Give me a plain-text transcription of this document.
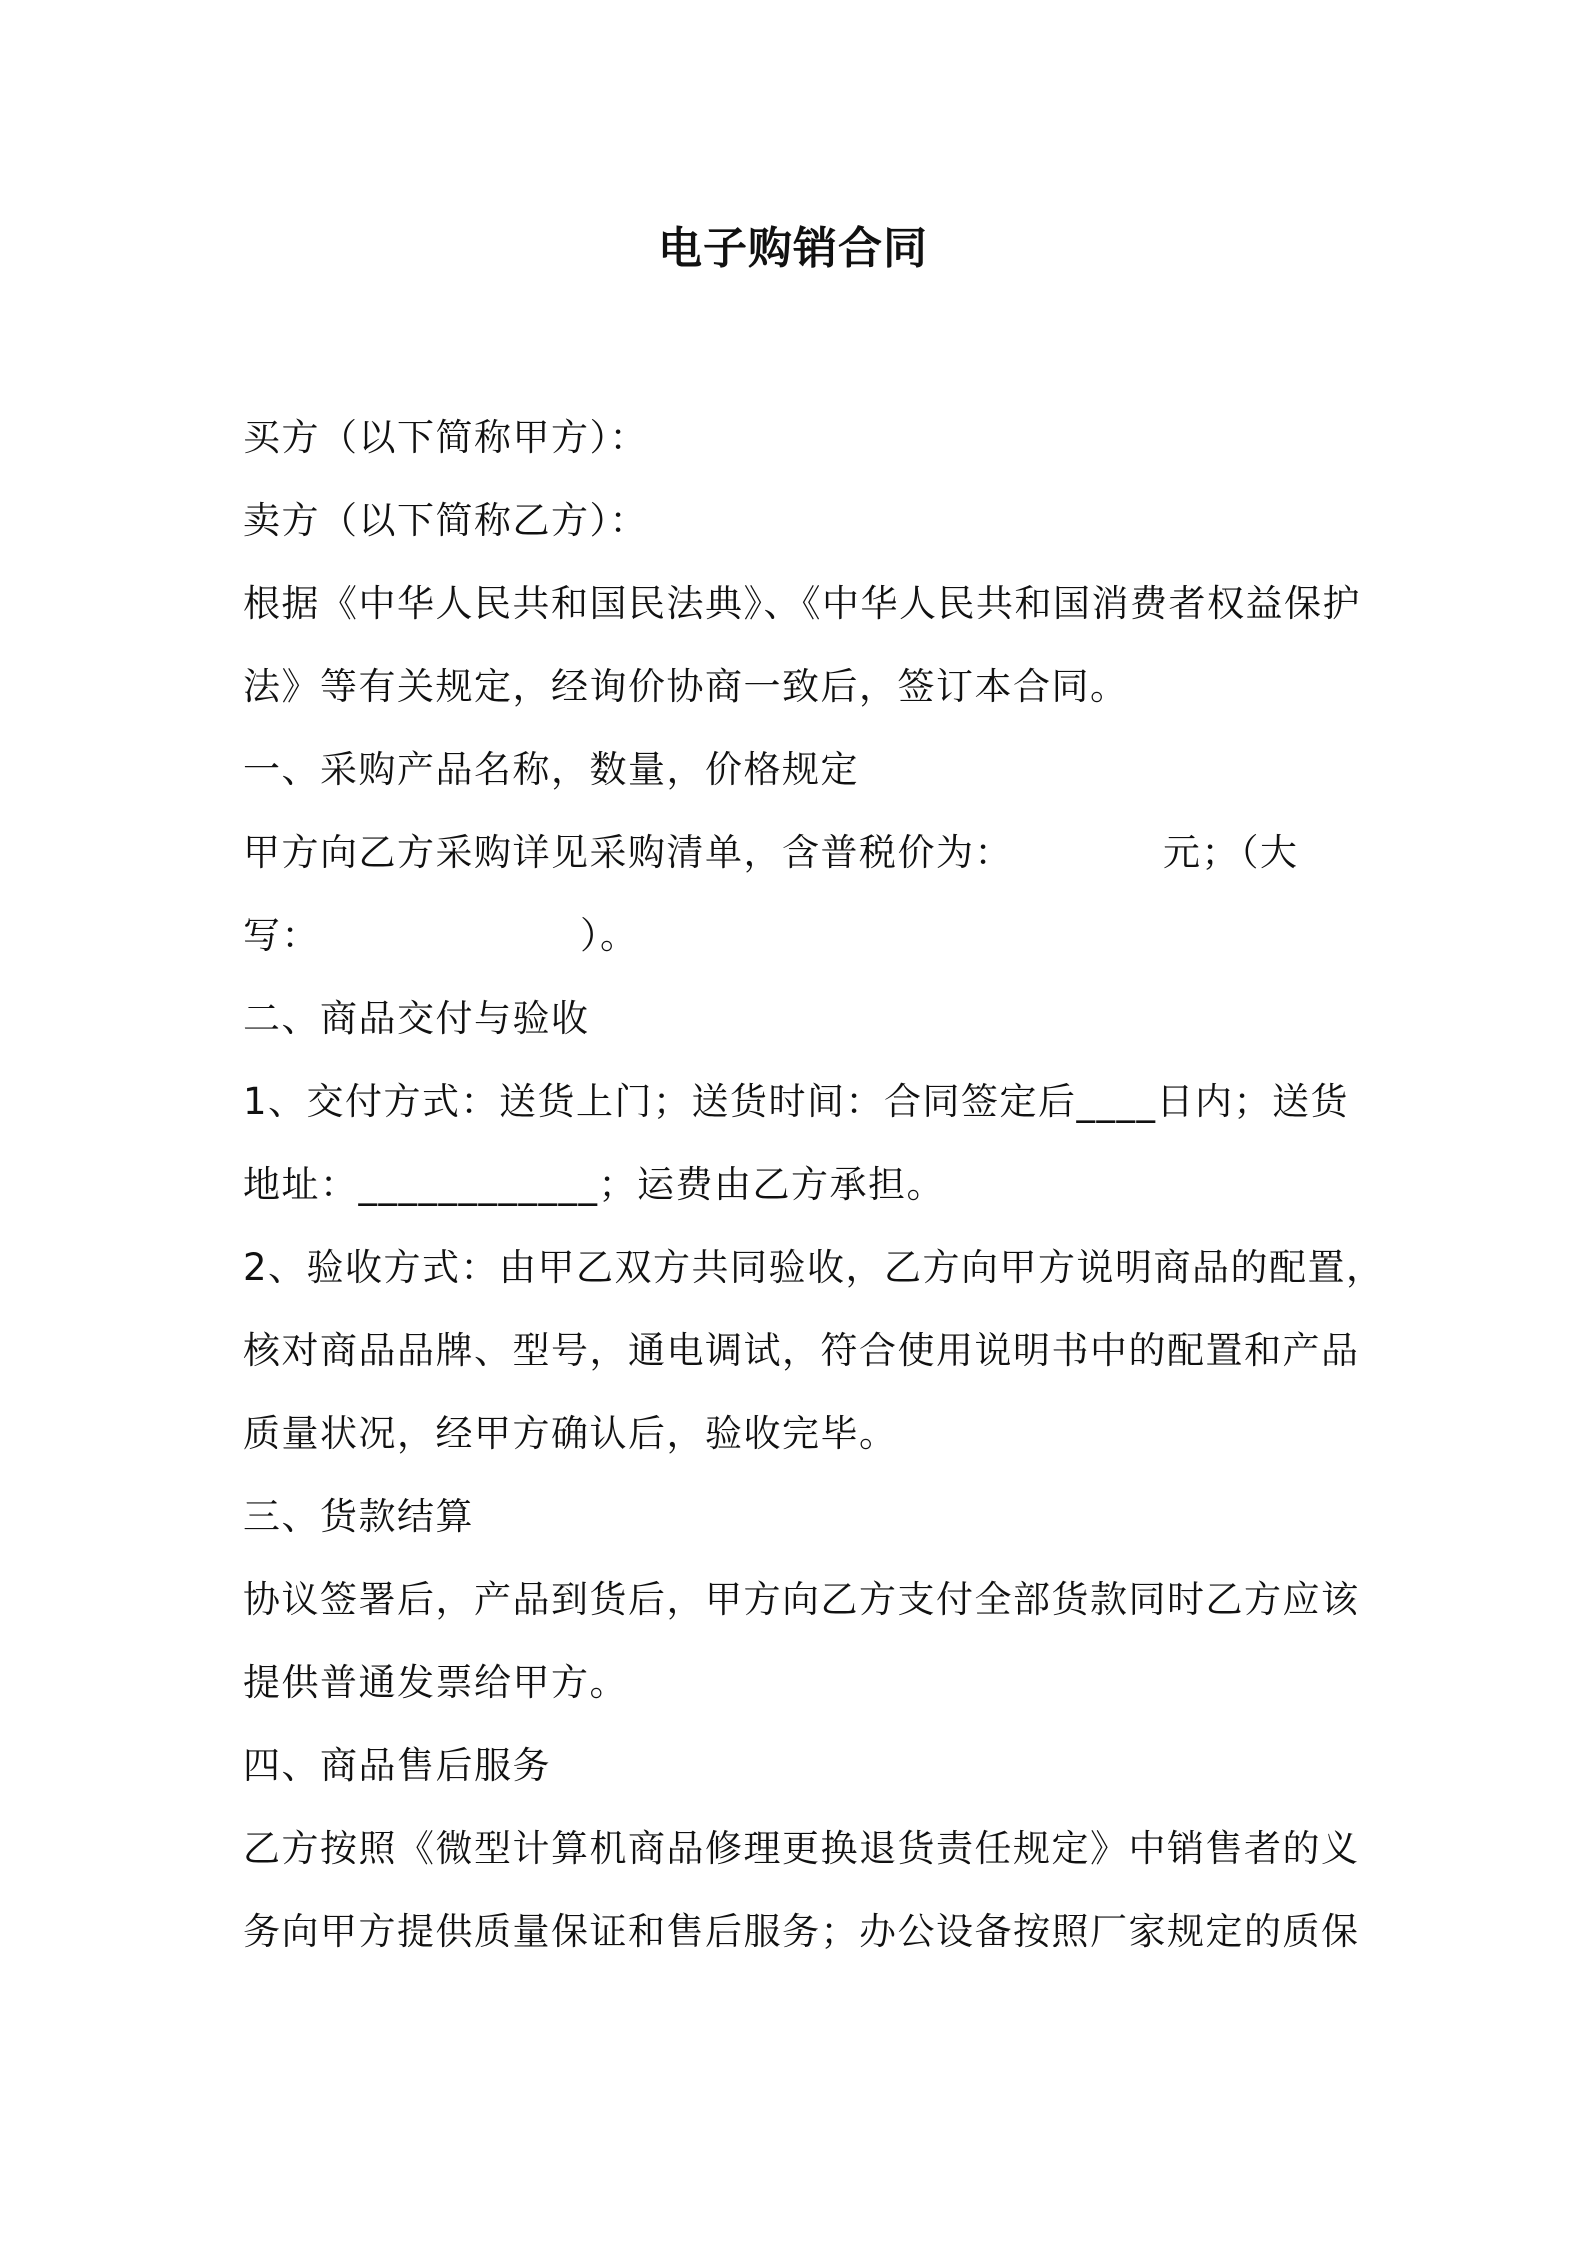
电子购销合同

买方（以下简称甲方）：

卖方（以下简称乙方）：

根据《中华人民共和国民法典》、《中华人民共和国消费者权益保护

法》等有关规定，经询价协商一致后，签订本合同。

一、采购产品名称，数量，价格规定

甲方向乙方采购详见采购清单，含普税价为：	元；（大

写：	）。

二、商品交付与验收

1、交付方式：送货上门；送货时间：合同签定后____日内；送货

地址：____________；运费由乙方承担。

2、验收方式：由甲乙双方共同验收，乙方向甲方说明商品的配置，

核对商品品牌、型号，通电调试，符合使用说明书中的配置和产品

质量状况，经甲方确认后，验收完毕。

三、货款结算

协议签署后，产品到货后，甲方向乙方支付全部货款同时乙方应该

提供普通发票给甲方。

四、商品售后服务

乙方按照《微型计算机商品修理更换退货责任规定》中销售者的义

务向甲方提供质量保证和售后服务；办公设备按照厂家规定的质保
